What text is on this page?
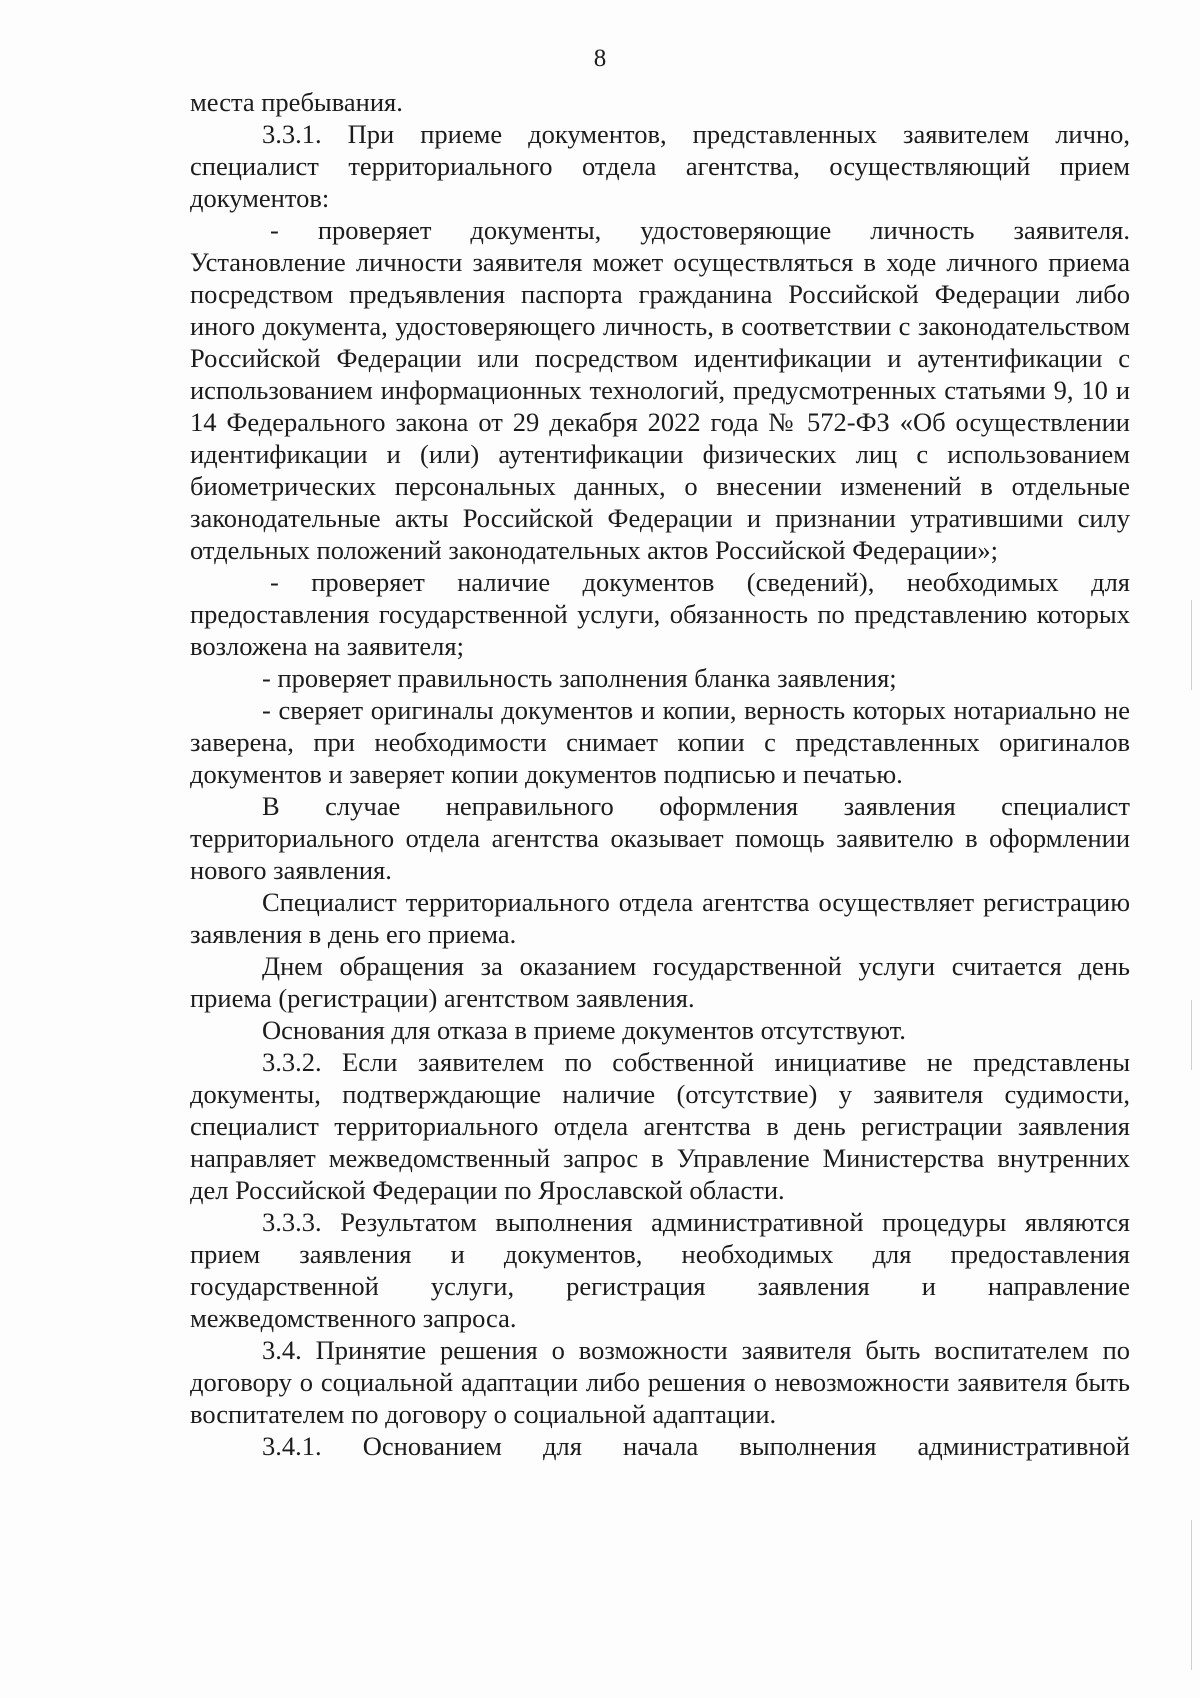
8

места пребывания.

3.3.1. При приеме документов, представленных заявителем лично, специалист территориального отдела агентства, осуществляющий прием документов:

- проверяет документы, удостоверяющие личность заявителя. Установление личности заявителя может осуществляться в ходе личного приема посредством предъявления паспорта гражданина Российской Федерации либо иного документа, удостоверяющего личность, в соответствии с законодательством Российской Федерации или посредством идентификации и аутентификации с использованием информационных технологий, предусмотренных статьями 9, 10 и 14 Федерального закона от 29 декабря 2022 года № 572-ФЗ «Об осуществлении идентификации и (или) аутентификации физических лиц с использованием биометрических персональных данных, о внесении изменений в отдельные законодательные акты Российской Федерации и признании утратившими силу отдельных положений законодательных актов Российской Федерации»;

- проверяет наличие документов (сведений), необходимых для предоставления государственной услуги, обязанность по представлению которых возложена на заявителя;

- проверяет правильность заполнения бланка заявления;

- сверяет оригиналы документов и копии, верность которых нотариально не заверена, при необходимости снимает копии с представленных оригиналов документов и заверяет копии документов подписью и печатью.

В случае неправильного оформления заявления специалист территориального отдела агентства оказывает помощь заявителю в оформлении нового заявления.

Специалист территориального отдела агентства осуществляет регистрацию заявления в день его приема.

Днем обращения за оказанием государственной услуги считается день приема (регистрации) агентством заявления.

Основания для отказа в приеме документов отсутствуют.

3.3.2. Если заявителем по собственной инициативе не представлены документы, подтверждающие наличие (отсутствие) у заявителя судимости, специалист территориального отдела агентства в день регистрации заявления направляет межведомственный запрос в Управление Министерства внутренних дел Российской Федерации по Ярославской области.

3.3.3. Результатом выполнения административной процедуры являются прием заявления и документов, необходимых для предоставления государственной услуги, регистрация заявления и направление межведомственного запроса.

3.4. Принятие решения о возможности заявителя быть воспитателем по договору о социальной адаптации либо решения о невозможности заявителя быть воспитателем по договору о социальной адаптации.

3.4.1. Основанием для начала выполнения административной
